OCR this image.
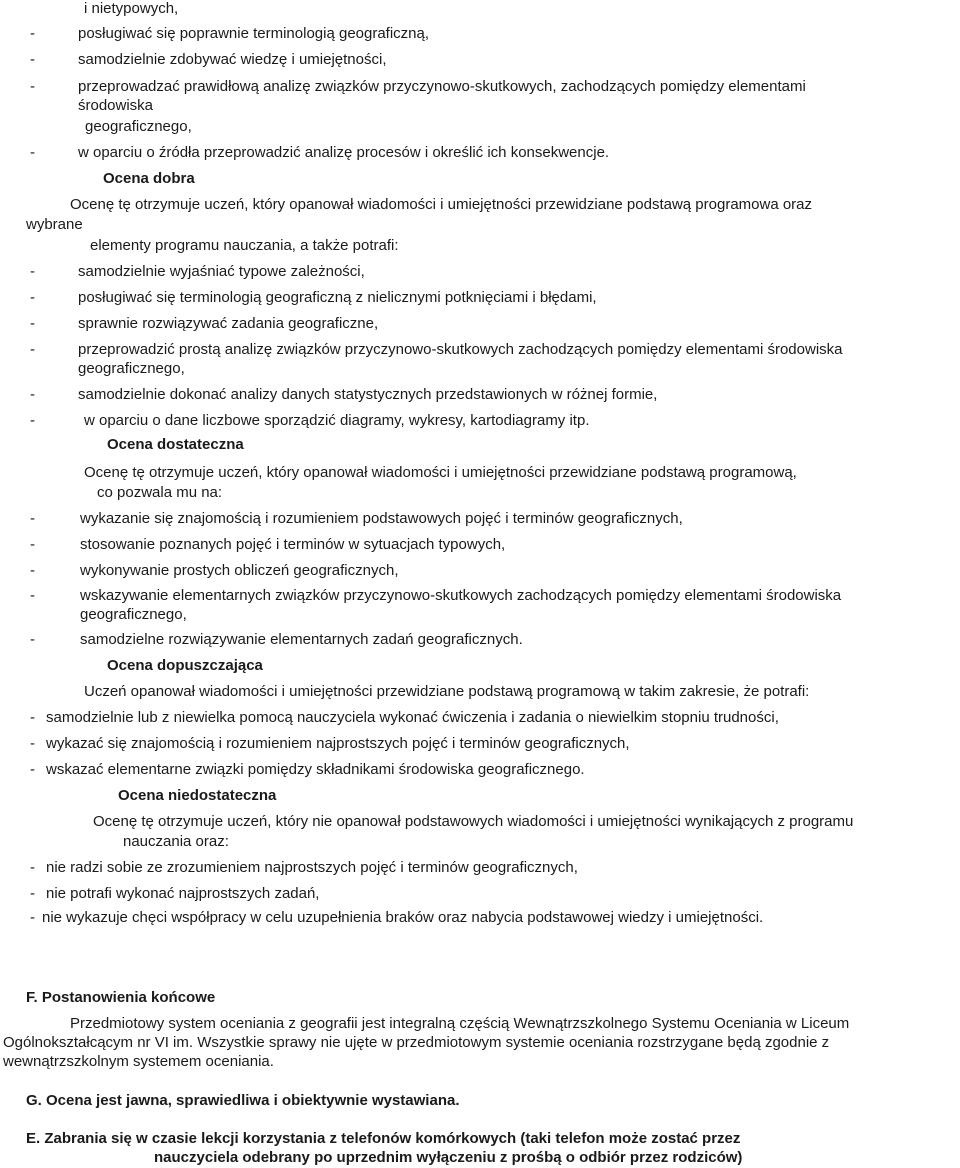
i nietypowych,
-	posługiwać się poprawnie terminologią geograficzną,
-	samodzielnie zdobywać wiedzę i umiejętności,
-	przeprowadzać prawidłową analizę związków przyczynowo-skutkowych, zachodzących pomiędzy elementami
środowiska
geograficznego,
-	w oparciu o źródła przeprowadzić analizę procesów i określić ich konsekwencje.
Ocena dobra
Ocenę tę otrzymuje uczeń, który opanował wiadomości i umiejętności przewidziane podstawą programowa oraz
wybrane
elementy programu nauczania, a także potrafi:
-	samodzielnie wyjaśniać typowe zależności,
-	posługiwać się terminologią geograficzną z nielicznymi potknięciami i błędami,
-	sprawnie rozwiązywać zadania geograficzne,
-	przeprowadzić prostą analizę związków przyczynowo-skutkowych zachodzących pomiędzy elementami środowiska
geograficznego,
-	samodzielnie dokonać analizy danych statystycznych przedstawionych w różnej formie,
-	w oparciu o dane liczbowe sporządzić diagramy, wykresy, kartodiagramy itp.
Ocena dostateczna
Ocenę tę otrzymuje uczeń, który opanował wiadomości i umiejętności przewidziane podstawą programową,
co pozwala mu na:
-	wykazanie się znajomością i rozumieniem podstawowych pojęć i terminów geograficznych,
-	stosowanie poznanych pojęć i terminów w sytuacjach typowych,
-	wykonywanie prostych obliczeń geograficznych,
-	wskazywanie elementarnych związków przyczynowo-skutkowych zachodzących pomiędzy elementami środowiska
geograficznego,
-	samodzielne rozwiązywanie elementarnych zadań geograficznych.
Ocena dopuszczająca
Uczeń opanował wiadomości i umiejętności przewidziane podstawą programową w takim zakresie, że potrafi:
- samodzielnie lub z niewielka pomocą nauczyciela wykonać ćwiczenia i zadania o niewielkim stopniu trudności,
- wykazać się znajomością i rozumieniem najprostszych pojęć i terminów geograficznych,
- wskazać elementarne związki pomiędzy składnikami środowiska geograficznego.
Ocena niedostateczna
Ocenę tę otrzymuje uczeń, który nie opanował podstawowych wiadomości i umiejętności wynikających z programu
nauczania oraz:
- nie radzi sobie ze zrozumieniem najprostszych pojęć i terminów geograficznych,
- nie potrafi wykonać najprostszych zadań,
- nie wykazuje chęci współpracy w celu uzupełnienia braków oraz nabycia podstawowej wiedzy i umiejętności.
F. Postanowienia końcowe
Przedmiotowy system oceniania z geografii jest integralną częścią Wewnątrzszkolnego Systemu Oceniania w Liceum
Ogólnokształcącym nr VI im. Wszystkie sprawy nie ujęte w przedmiotowym systemie oceniania rozstrzygane będą zgodnie z
wewnątrzszkolnym systemem oceniania.
G. Ocena jest jawna, sprawiedliwa i obiektywnie wystawiana.
E. Zabrania się w czasie lekcji korzystania z telefonów komórkowych (taki telefon może zostać przez
nauczyciela odebrany po uprzednim wyłączeniu z prośbą o odbiór przez rodziców)
